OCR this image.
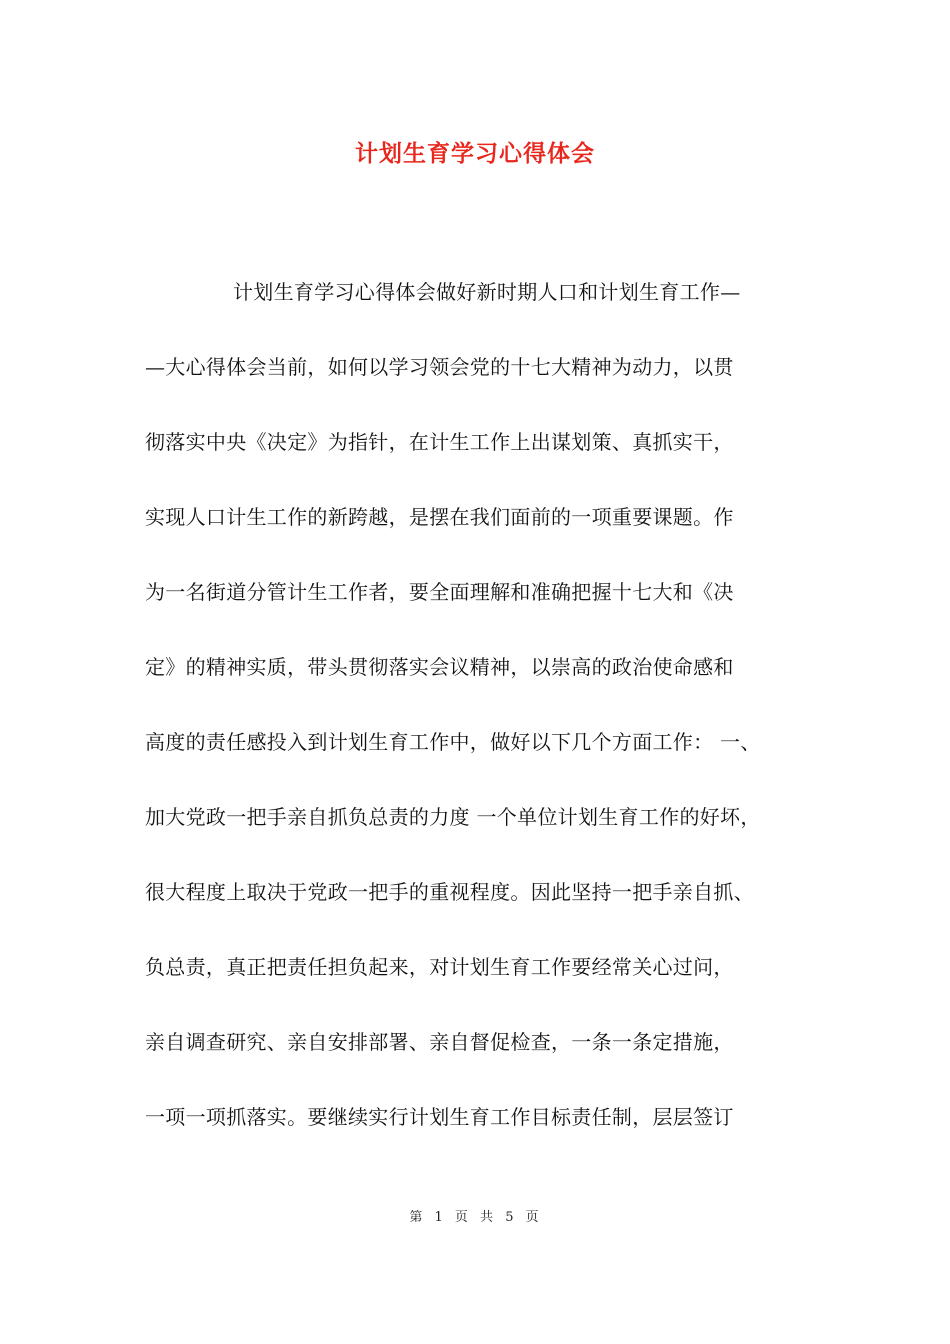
计划生育学习心得体会
计划生育学习心得体会做好新时期人口和计划生育工作—
—大心得体会当前，如何以学习领会党的十七大精神为动力，以贯
彻落实中央《决定》为指针，在计生工作上出谋划策、真抓实干，
实现人口计生工作的新跨越，是摆在我们面前的一项重要课题。作
为一名街道分管计生工作者，要全面理解和准确把握十七大和《决
定》的精神实质，带头贯彻落实会议精神，以崇高的政治使命感和
高度的责任感投入到计划生育工作中，做好以下几个方面工作： 一、
加大党政一把手亲自抓负总责的力度 一个单位计划生育工作的好坏，
很大程度上取决于党政一把手的重视程度。因此坚持一把手亲自抓、
负总责，真正把责任担负起来，对计划生育工作要经常关心过问，
亲自调查研究、亲自安排部署、亲自督促检查，一条一条定措施，
一项一项抓落实。要继续实行计划生育工作目标责任制，层层签订
第 1 页 共 5 页
